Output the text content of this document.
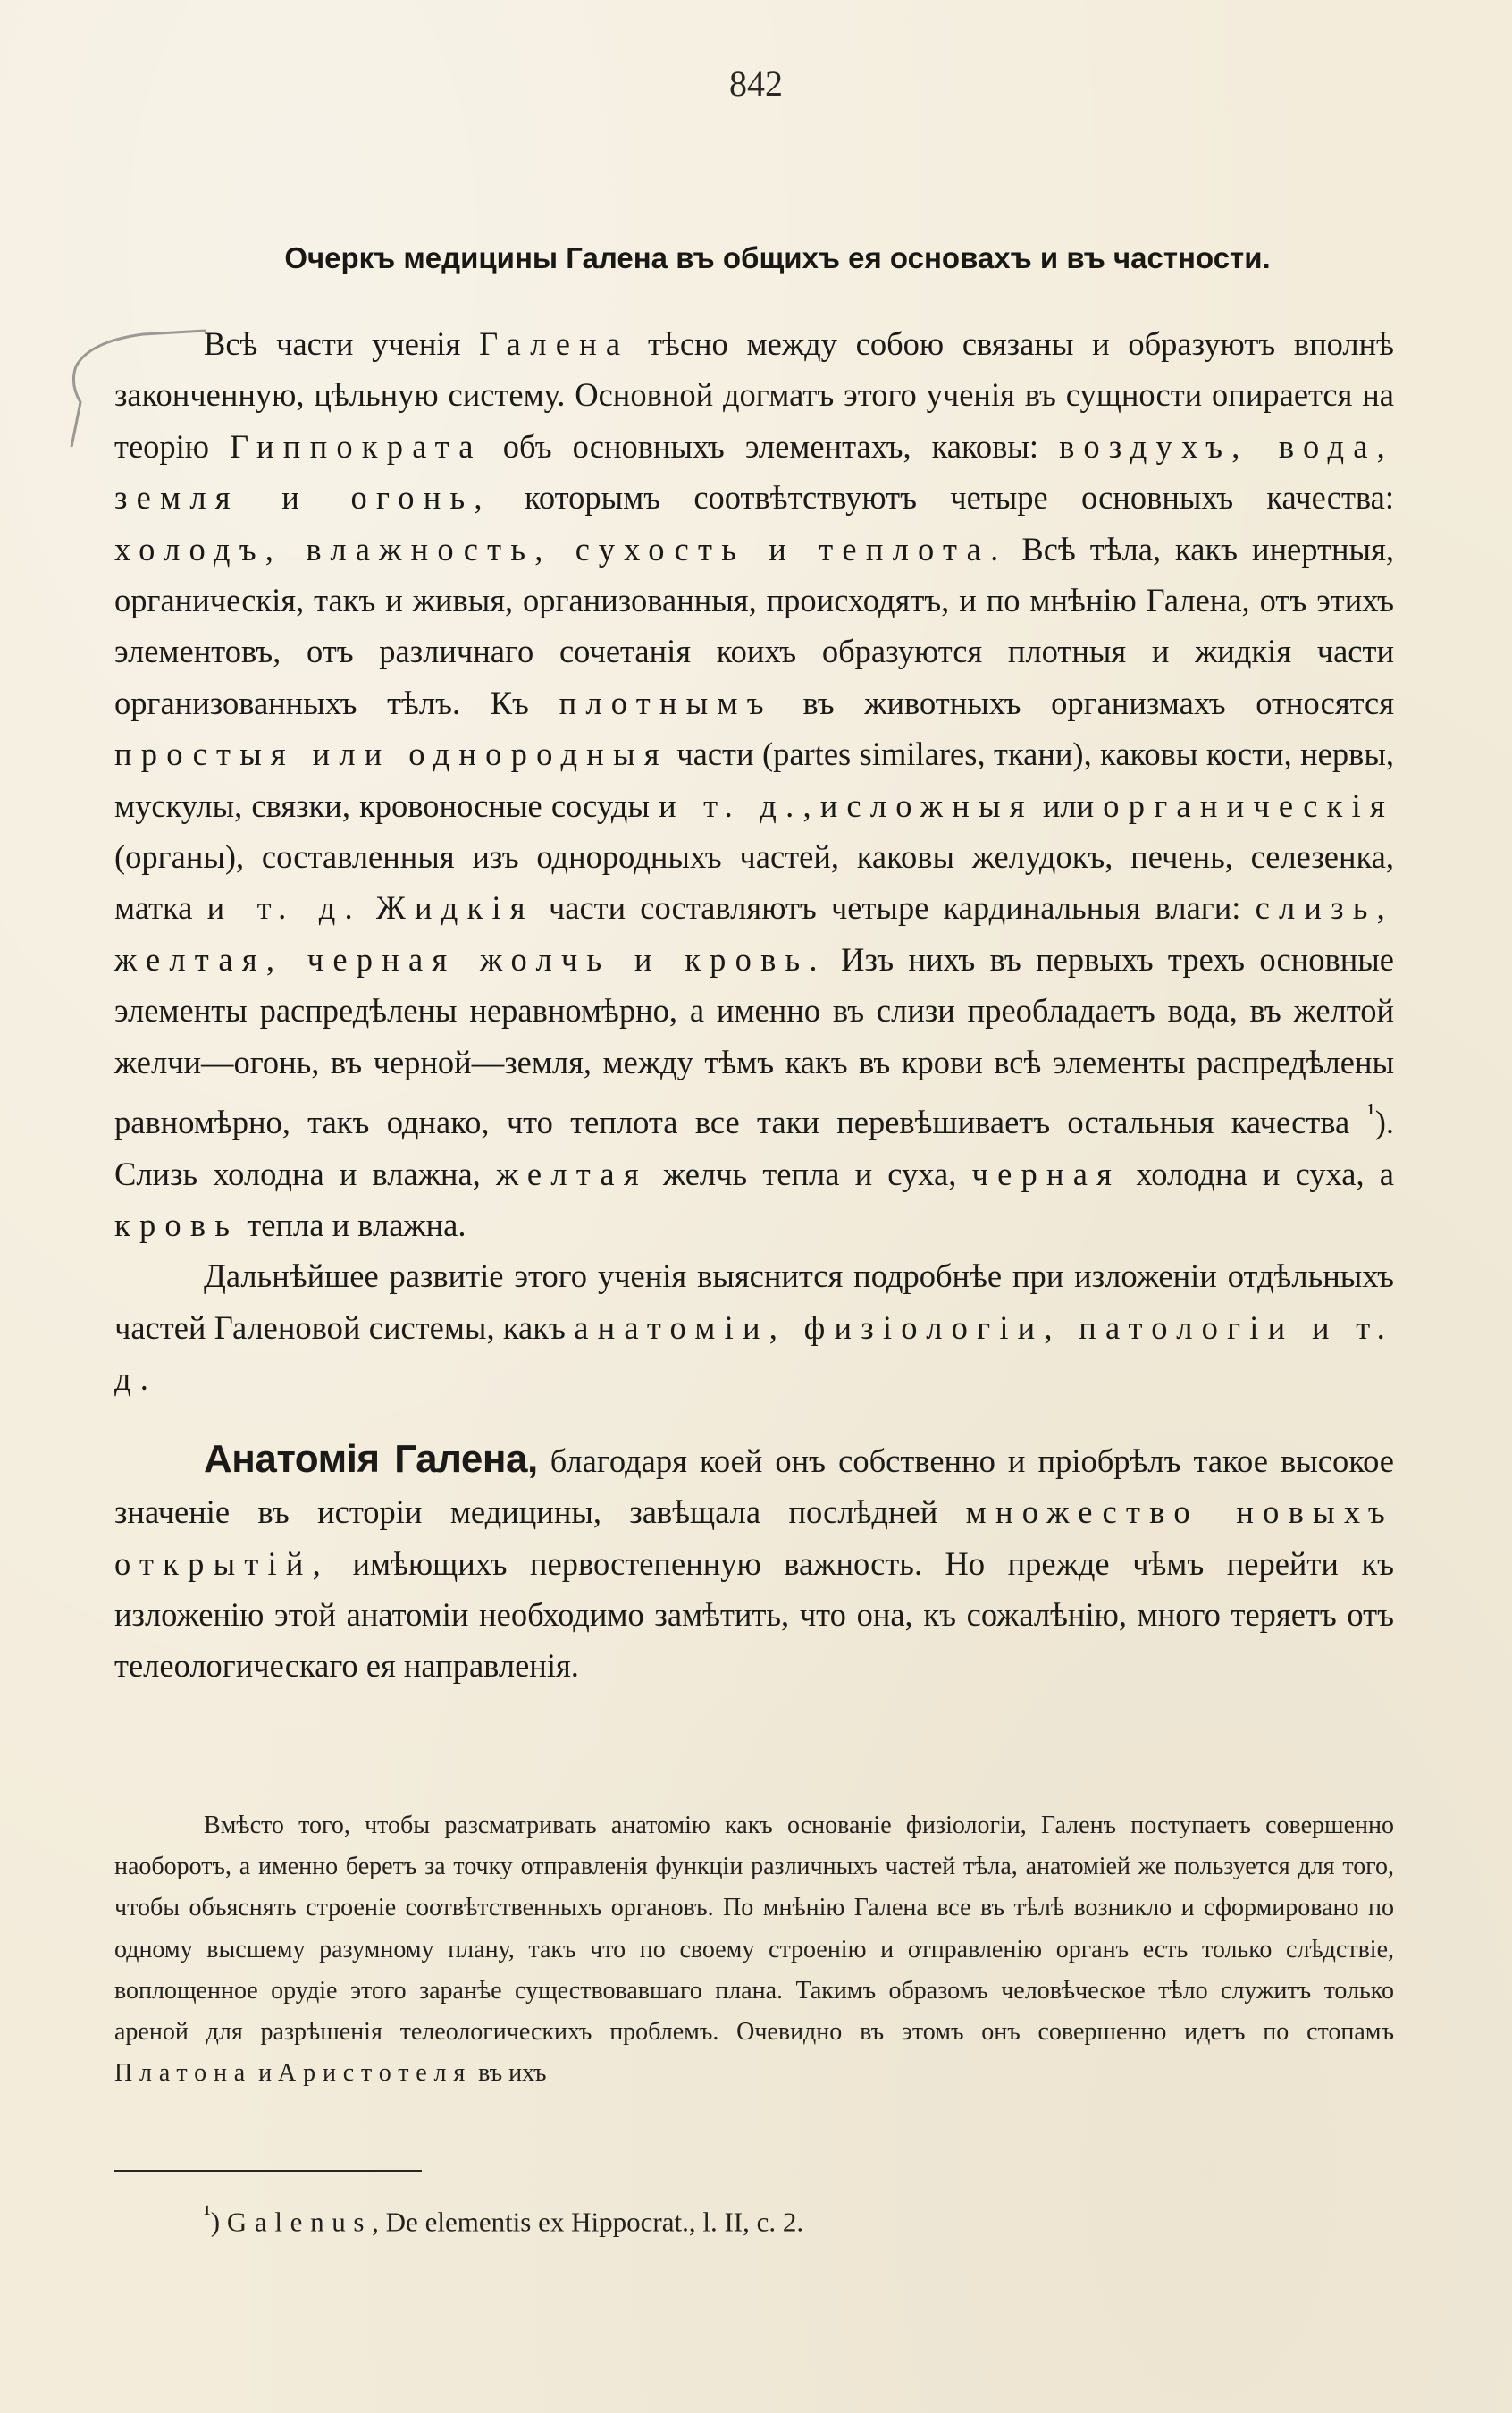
842
Очеркъ медицины Галена въ общихъ ея основахъ и въ частности.

Всѣ части ученія Галена тѣсно между собою связаны и образуютъ вполнѣ законченную, цѣльную систему. Основной догматъ этого ученія въ сущности опирается на теорію Гиппократа объ основныхъ элементахъ, каковы: воздухъ, вода, земля и огонь, которымъ соотвѣтствуютъ четыре основныхъ качества: холодъ, влажность, сухость и теплота. Всѣ тѣла, какъ инертныя, органическія, такъ и живыя, организованныя, происходятъ, и по мнѣнію Галена, отъ этихъ элементовъ, отъ различнаго сочетанія коихъ образуются плотныя и жидкія части организованныхъ тѣлъ. Къ плотнымъ въ животныхъ организмахъ относятся простыя или однородныя части (partes similares, ткани), каковы кости, нервы, мускулы, связки, кровоносные сосуды и т. д., и сложныя или органическія (органы), составленныя изъ однородныхъ частей, каковы желудокъ, печень, селезенка, матка и т. д. Жидкія части составляютъ четыре кардинальныя влаги: слизь, желтая, черная жолчь и кровь. Изъ нихъ въ первыхъ трехъ основные элементы распредѣлены неравномѣрно, а именно въ слизи преобладаетъ вода, въ желтой желчи—огонь, въ черной—земля, между тѣмъ какъ въ крови всѣ элементы распредѣлены равномѣрно, такъ однако, что теплота все таки перевѣшиваетъ остальныя качества $^{^1}$). Слизь холодна и влажна, желтая желчь тепла и суха, черная холодна и суха, а кровь тепла и влажна.

Дальнѣйшее развитіе этого ученія выяснится подробнѣе при изложеніи отдѣльныхъ частей Галеновой системы, какъ анатоміи, физіологіи, патологіи и т. д.

Анатомія Галена, благодаря коей онъ собственно и пріобрѣлъ такое высокое значеніе въ исторіи медицины, завѣщала послѣдней множество новыхъ открытій, имѣющихъ первостепенную важность. Но прежде чѣмъ перейти къ изложенію этой анатоміи необходимо замѣтить, что она, къ сожалѣнію, много теряетъ отъ телеологическаго ея направленія.

Вмѣсто того, чтобы разсматривать анатомію какъ основаніе физіологіи, Галенъ поступаетъ совершенно наоборотъ, а именно беретъ за точку отправленія функціи различныхъ частей тѣла, анатоміей же пользуется для того, чтобы объяснять строеніе соотвѣтственныхъ органовъ. По мнѣнію Галена все въ тѣлѣ возникло и сформировано по одному высшему разумному плану, такъ что по своему строенію и отправленію органъ есть только слѣдствіе, воплощенное орудіе этого заранѣе существовавшаго плана. Такимъ образомъ человѣческое тѣло служитъ только ареной для разрѣшенія телеологическихъ проблемъ. Очевидно въ этомъ онъ совершенно идетъ по стопамъ Платона и Аристотеля въ ихъ

$^{^1}$) Galenus, De elementis ex Hippocrat., l. II, c. 2.
